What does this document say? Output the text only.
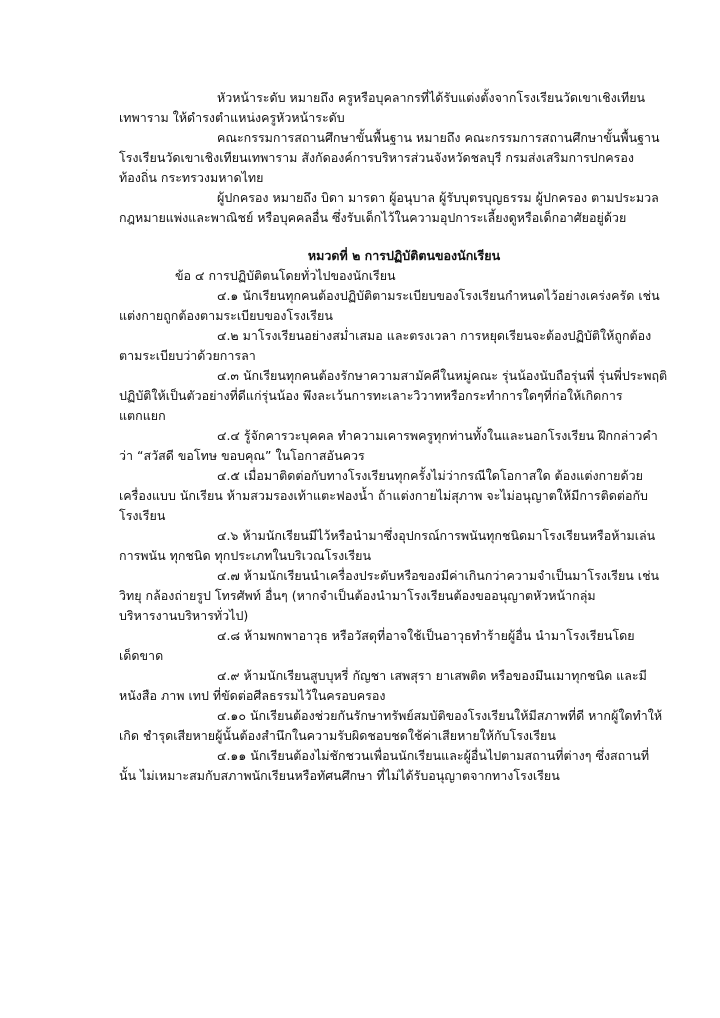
หัวหน้าระดับ หมายถึง ครูหรือบุคลากรที่ได้รับแต่งตั้งจากโรงเรียนวัดเขาเชิงเทียน
เทพาราม ให้ดำรงตำแหน่งครูหัวหน้าระดับ
คณะกรรมการสถานศึกษาขั้นพื้นฐาน หมายถึง คณะกรรมการสถานศึกษาขั้นพื้นฐาน
โรงเรียนวัดเขาเชิงเทียนเทพาราม สังกัดองค์การบริหารส่วนจังหวัดชลบุรี กรมส่งเสริมการปกครอง
ท้องถิ่น กระทรวงมหาดไทย
ผู้ปกครอง หมายถึง บิดา มารดา ผู้อนุบาล ผู้รับบุตรบุญธรรม ผู้ปกครอง ตามประมวล
กฎหมายแพ่งและพาณิชย์ หรือบุคคลอื่น ซึ่งรับเด็กไว้ในความอุปการะเลี้ยงดูหรือเด็กอาศัยอยู่ด้วย
หมวดที่ ๒ การปฏิบัติตนของนักเรียน
ข้อ ๔ การปฏิบัติตนโดยทั่วไปของนักเรียน
๔.๑ นักเรียนทุกคนต้องปฏิบัติตามระเบียบของโรงเรียนกำหนดไว้อย่างเคร่งครัด เช่น
แต่งกายถูกต้องตามระเบียบของโรงเรียน
๔.๒ มาโรงเรียนอย่างสม่ำเสมอ และตรงเวลา การหยุดเรียนจะต้องปฏิบัติให้ถูกต้อง
ตามระเบียบว่าด้วยการลา
๔.๓ นักเรียนทุกคนต้องรักษาความสามัคคีในหมู่คณะ รุ่นน้องนับถือรุ่นพี่ รุ่นพี่ประพฤติ
ปฏิบัติให้เป็นตัวอย่างที่ดีแก่รุ่นน้อง พึงละเว้นการทะเลาะวิวาทหรือกระทำการใดๆที่ก่อให้เกิดการ
แตกแยก
๔.๔ รู้จักคารวะบุคคล ทำความเคารพครูทุกท่านทั้งในและนอกโรงเรียน ฝึกกล่าวคำ
ว่า “สวัสดี ขอโทษ ขอบคุณ” ในโอกาสอันควร
๔.๕ เมื่อมาติดต่อกับทางโรงเรียนทุกครั้งไม่ว่ากรณีใดโอกาสใด ต้องแต่งกายด้วย
เครื่องแบบ นักเรียน ห้ามสวมรองเท้าแตะฟองน้ำ ถ้าแต่งกายไม่สุภาพ จะไม่อนุญาตให้มีการติดต่อกับ
โรงเรียน
๔.๖ ห้ามนักเรียนมีไว้หรือนำมาซึ่งอุปกรณ์การพนันทุกชนิดมาโรงเรียนหรือห้ามเล่น
การพนัน ทุกชนิด ทุกประเภทในบริเวณโรงเรียน
๔.๗ ห้ามนักเรียนนำเครื่องประดับหรือของมีค่าเกินกว่าความจำเป็นมาโรงเรียน เช่น
วิทยุ กล้องถ่ายรูป โทรศัพท์ อื่นๆ (หากจำเป็นต้องนำมาโรงเรียนต้องขออนุญาตหัวหน้ากลุ่ม
บริหารงานบริหารทั่วไป)
๔.๘ ห้ามพกพาอาวุธ หรือวัสดุที่อาจใช้เป็นอาวุธทำร้ายผู้อื่น นำมาโรงเรียนโดย
เด็ดขาด
๔.๙ ห้ามนักเรียนสูบบุหรี่ กัญชา เสพสุรา ยาเสพติด หรือของมึนเมาทุกชนิด และมี
หนังสือ ภาพ เทป ที่ขัดต่อศีลธรรมไว้ในครอบครอง
๔.๑๐ นักเรียนต้องช่วยกันรักษาทรัพย์สมบัติของโรงเรียนให้มีสภาพที่ดี หากผู้ใดทำให้
เกิด ชำรุดเสียหายผู้นั้นต้องสำนึกในความรับผิดชอบชดใช้ค่าเสียหายให้กับโรงเรียน
๔.๑๑ นักเรียนต้องไม่ชักชวนเพื่อนนักเรียนและผู้อื่นไปตามสถานที่ต่างๆ ซึ่งสถานที่
นั้น ไม่เหมาะสมกับสภาพนักเรียนหรือทัศนศึกษา ที่ไม่ได้รับอนุญาตจากทางโรงเรียน
